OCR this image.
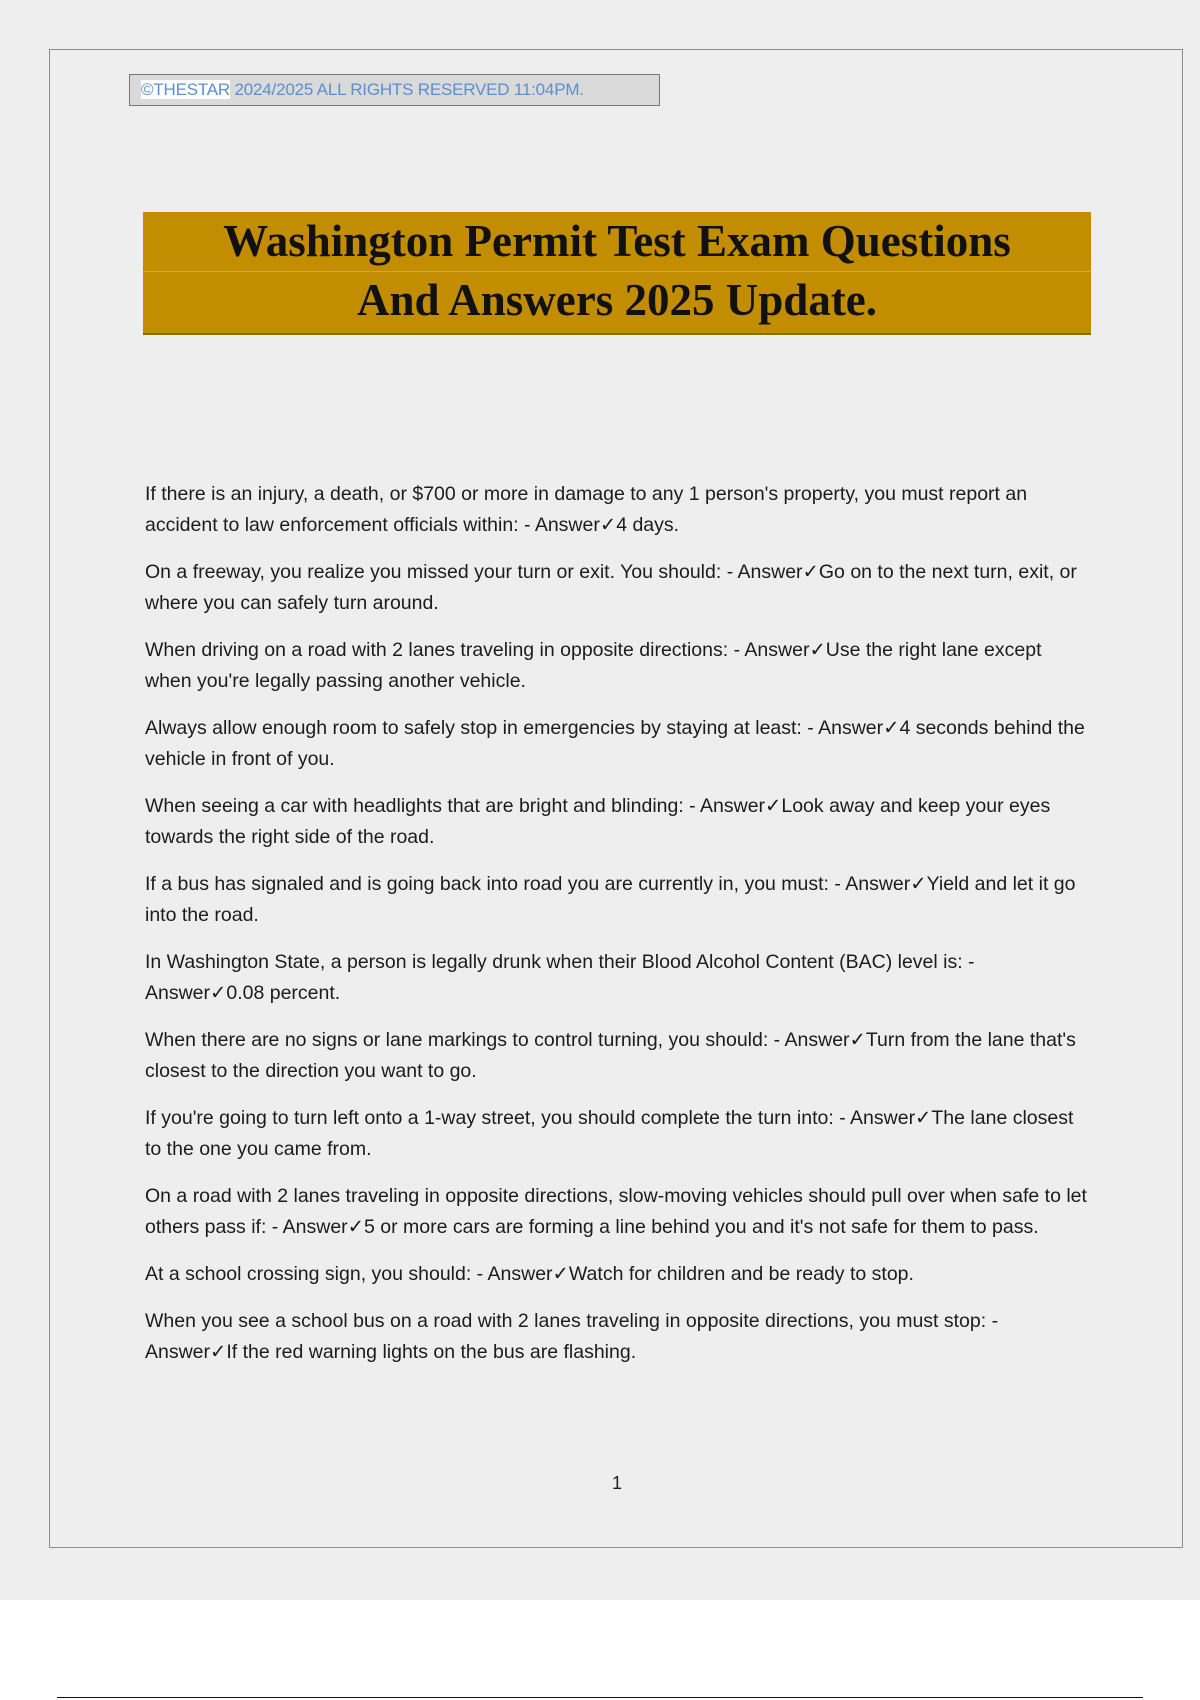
©THESTAR 2024/2025 ALL RIGHTS RESERVED 11:04PM.
Washington Permit Test Exam Questions
And Answers 2025 Update.

If there is an injury, a death, or $700 or more in damage to any 1 person's property, you must report an accident to law enforcement officials within: - Answer✓4 days.

On a freeway, you realize you missed your turn or exit. You should: - Answer✓Go on to the next turn, exit, or where you can safely turn around.

When driving on a road with 2 lanes traveling in opposite directions: - Answer✓Use the right lane except when you're legally passing another vehicle.

Always allow enough room to safely stop in emergencies by staying at least: - Answer✓4 seconds behind the vehicle in front of you.

When seeing a car with headlights that are bright and blinding: - Answer✓Look away and keep your eyes towards the right side of the road.

If a bus has signaled and is going back into road you are currently in, you must: - Answer✓Yield and let it go into the road.

In Washington State, a person is legally drunk when their Blood Alcohol Content (BAC) level is: - Answer✓0.08 percent.

When there are no signs or lane markings to control turning, you should: - Answer✓Turn from the lane that's closest to the direction you want to go.

If you're going to turn left onto a 1-way street, you should complete the turn into: - Answer✓The lane closest to the one you came from.

On a road with 2 lanes traveling in opposite directions, slow-moving vehicles should pull over when safe to let others pass if: - Answer✓5 or more cars are forming a line behind you and it's not safe for them to pass.

At a school crossing sign, you should: - Answer✓Watch for children and be ready to stop.

When you see a school bus on a road with 2 lanes traveling in opposite directions, you must stop: - Answer✓If the red warning lights on the bus are flashing.

1
